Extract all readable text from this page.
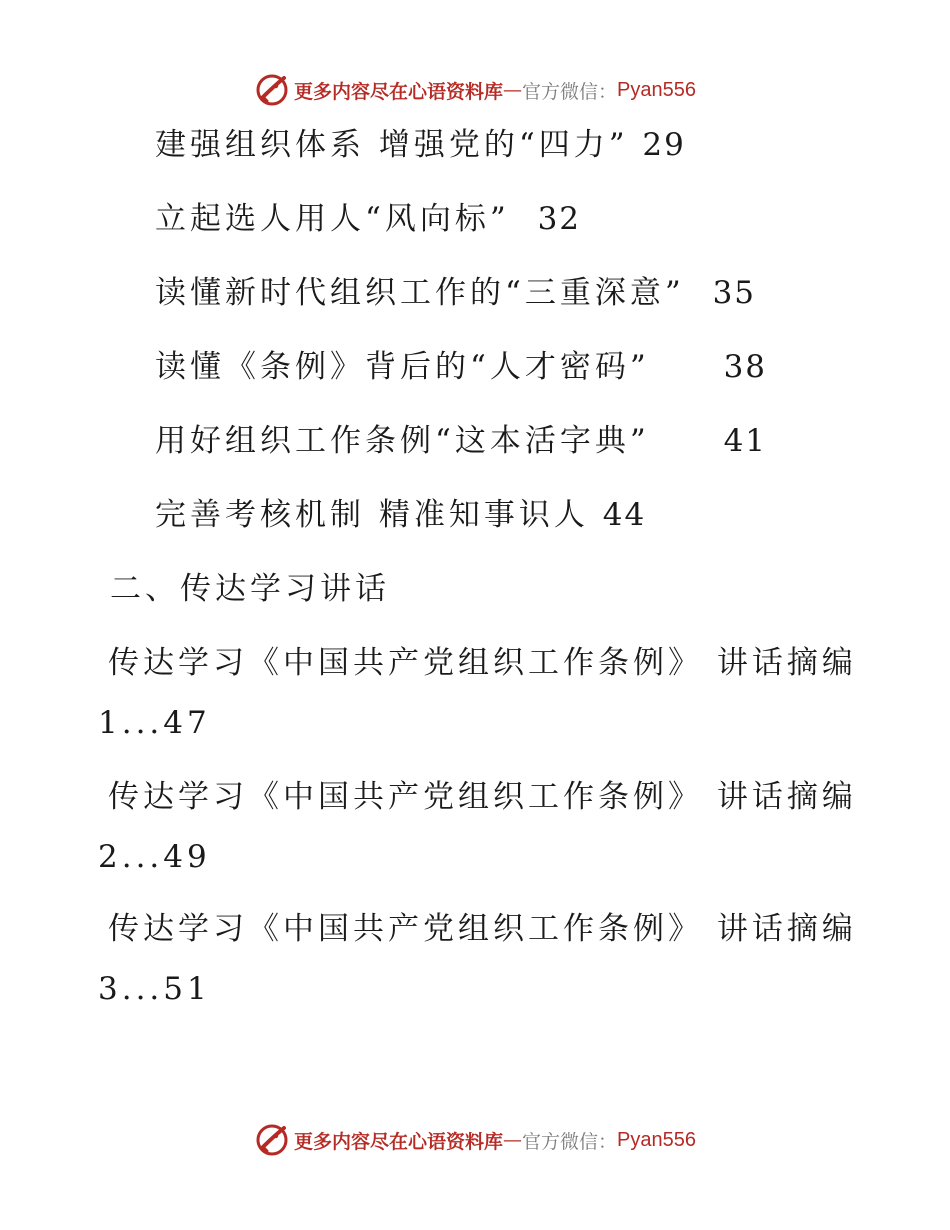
更多内容尽在心语资料库 — 官方微信： Pyan556
建强组织体系 增强党的“四力” 29
立起选人用人“风向标” 32
读懂新时代组织工作的“三重深意” 35
读懂《条例》背后的“人才密码” 38
用好组织工作条例“这本活字典” 41
完善考核机制 精准知事识人 44
二、传达学习讲话
传达学习《中国共产党组织工作条例》 讲话摘编
1...47
传达学习《中国共产党组织工作条例》 讲话摘编
2...49
传达学习《中国共产党组织工作条例》 讲话摘编
3...51
更多内容尽在心语资料库 — 官方微信： Pyan556
